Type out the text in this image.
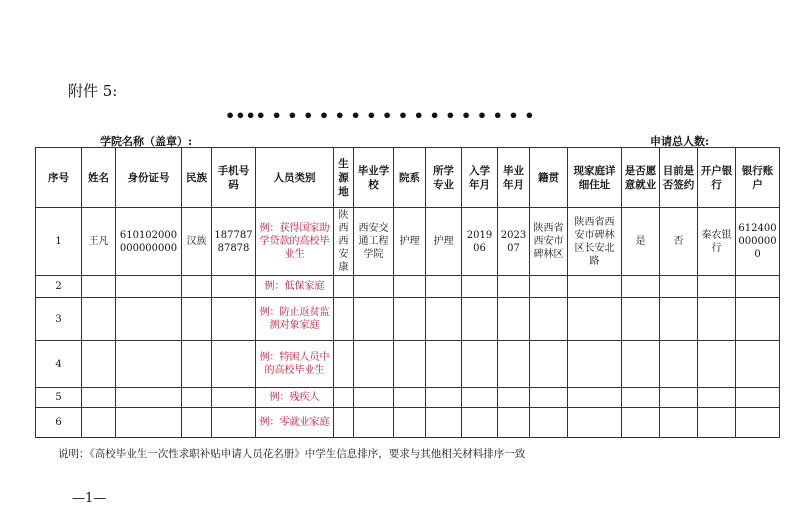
附件 5:
•••• • • • • • • • • • • • • • • • • •
学院名称（盖章）:	申请总人数:
序号	姓名	身份证号	民族	手机号码	人员类别	生源地	毕业学校	院系	所学专业	入学年月	毕业年月	籍贯	现家庭详细住址	是否愿意就业	目前是否签约	开户银行	银行账户
1	王凡	610102000000000000	汉族	18778787878	例：获得国家助学贷款的高校毕业生	陕西西安康	西安交通工程学院	护理	护理	201906	202307	陕西省西安市碑林区	陕西省西安市碑林区长安北路	是	否	秦农银行	6124000000000
2					例：低保家庭												
3					例：防止返贫监测对象家庭												
4					例：特困人员中的高校毕业生												
5					例：残疾人												
6					例：零就业家庭												
说明：《高校毕业生一次性求职补贴申请人员花名册》中学生信息排序，要求与其他相关材料排序一致
—1—
